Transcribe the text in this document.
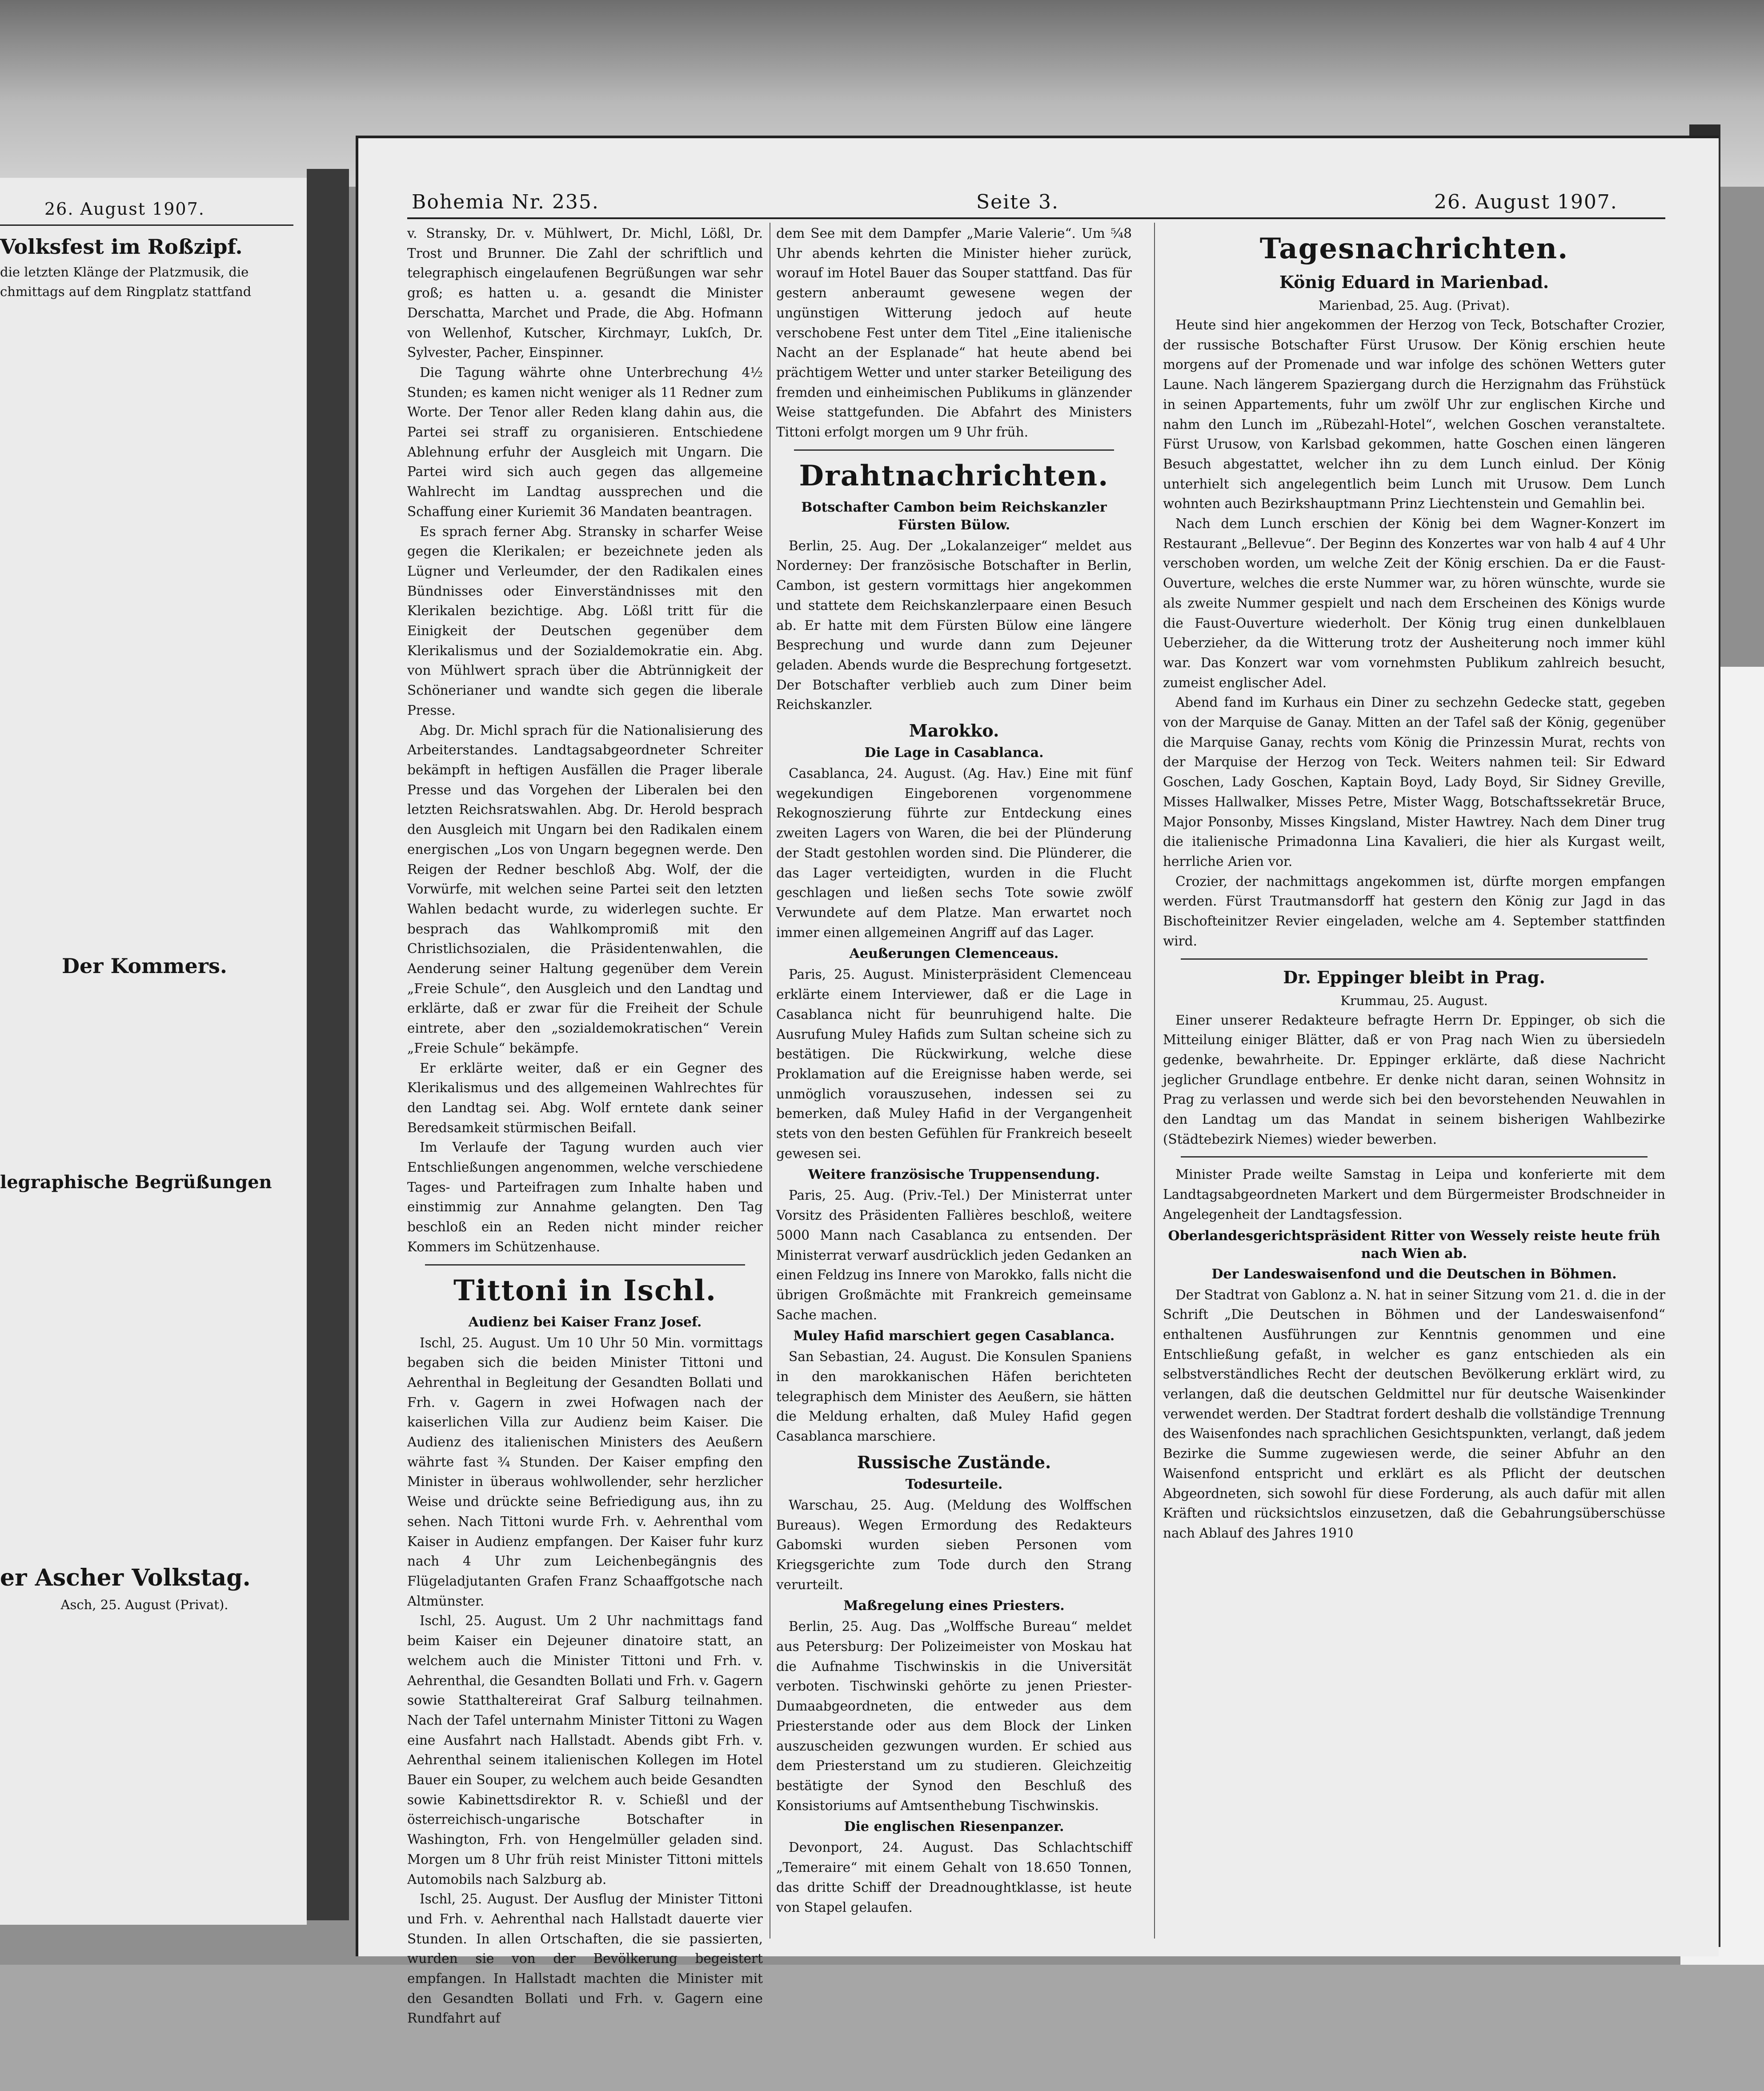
26. August 1907.
Volksfest im Roßzipf.
die letzten Klänge der Platzmusik, die
chmittags auf dem Ringplatz stattfand
Der Kommers.
legraphische Begrüßungen
er Ascher Volkstag.
Asch, 25. August (Privat).
Bohemia Nr. 235.	Seite 3.	26. August 1907.

v. Stransky, Dr. v. Mühlwert, Dr. Michl, Lößl, Dr. Trost und Brunner. Die Zahl der schriftlich und telegraphisch eingelaufenen Begrüßungen war sehr groß; es hatten u. a. gesandt die Minister Derschatta, Marchet und Prade, die Abg. Hofmann von Wellenhof, Kutscher, Kirchmayr, Lukſch, Dr. Sylvester, Pacher, Einspinner.

Die Tagung währte ohne Unterbrechung 4½ Stunden; es kamen nicht weniger als 11 Redner zum Worte. Der Tenor aller Reden klang dahin aus, die Partei sei straff zu organisieren. Entschiedene Ablehnung erfuhr der Ausgleich mit Ungarn. Die Partei wird sich auch gegen das allgemeine Wahlrecht im Landtag aussprechen und die Schaffung einer Kuriemit 36 Mandaten beantragen.

Es sprach ferner Abg. Stransky in scharfer Weise gegen die Klerikalen; er bezeichnete jeden als Lügner und Verleumder, der den Radikalen eines Bündnisses oder Einverständnisses mit den Klerikalen bezichtige. Abg. Lößl tritt für die Einigkeit der Deutschen gegenüber dem Klerikalismus und der Sozialdemokratie ein. Abg. von Mühlwert sprach über die Abtrünnigkeit der Schönerianer und wandte sich gegen die liberale Presse.

Abg. Dr. Michl sprach für die Nationalisierung des Arbeiterstandes. Landtagsabgeordneter Schreiter bekämpft in heftigen Ausfällen die Prager liberale Presse und das Vorgehen der Liberalen bei den letzten Reichsratswahlen. Abg. Dr. Herold besprach den Ausgleich mit Ungarn bei den Radikalen einem energischen „Los von Ungarn begegnen werde. Den Reigen der Redner beschloß Abg. Wolf, der die Vorwürfe, mit welchen seine Partei seit den letzten Wahlen bedacht wurde, zu widerlegen suchte. Er besprach das Wahlkompromiß mit den Christlichsozialen, die Präsidentenwahlen, die Aenderung seiner Haltung gegenüber dem Verein „Freie Schule“, den Ausgleich und den Landtag und erklärte, daß er zwar für die Freiheit der Schule eintrete, aber den „sozialdemokratischen“ Verein „Freie Schule“ bekämpfe.

Er erklärte weiter, daß er ein Gegner des Klerikalismus und des allgemeinen Wahlrechtes für den Landtag sei. Abg. Wolf erntete dank seiner Beredsamkeit stürmischen Beifall.

Im Verlaufe der Tagung wurden auch vier Entschließungen angenommen, welche verschiedene Tages- und Parteifragen zum Inhalte haben und einstimmig zur Annahme gelangten. Den Tag beschloß ein an Reden nicht minder reicher Kommers im Schützenhause.

Tittoni in Ischl.
Audienz bei Kaiser Franz Josef.

Ischl, 25. August. Um 10 Uhr 50 Min. vormittags begaben sich die beiden Minister Tittoni und Aehrenthal in Begleitung der Gesandten Bollati und Frh. v. Gagern in zwei Hofwagen nach der kaiserlichen Villa zur Audienz beim Kaiser. Die Audienz des italienischen Ministers des Aeußern währte fast ¾ Stunden. Der Kaiser empfing den Minister in überaus wohlwollender, sehr herzlicher Weise und drückte seine Befriedigung aus, ihn zu sehen. Nach Tittoni wurde Frh. v. Aehrenthal vom Kaiser in Audienz empfangen. Der Kaiser fuhr kurz nach 4 Uhr zum Leichenbegängnis des Flügeladjutanten Grafen Franz Schaaffgotsche nach Altmünster.

Ischl, 25. August. Um 2 Uhr nachmittags fand beim Kaiser ein Dejeuner dinatoire statt, an welchem auch die Minister Tittoni und Frh. v. Aehrenthal, die Gesandten Bollati und Frh. v. Gagern sowie Statthaltereirat Graf Salburg teilnahmen. Nach der Tafel unternahm Minister Tittoni zu Wagen eine Ausfahrt nach Hallstadt. Abends gibt Frh. v. Aehrenthal seinem italienischen Kollegen im Hotel Bauer ein Souper, zu welchem auch beide Gesandten sowie Kabinettsdirektor R. v. Schießl und der österreichisch-ungarische Botschafter in Washington, Frh. von Hengelmüller geladen sind. Morgen um 8 Uhr früh reist Minister Tittoni mittels Automobils nach Salzburg ab.

Ischl, 25. August. Der Ausflug der Minister Tittoni und Frh. v. Aehrenthal nach Hallstadt dauerte vier Stunden. In allen Ortschaften, die sie passierten, wurden sie von der Bevölkerung begeistert empfangen. In Hallstadt machten die Minister mit den Gesandten Bollati und Frh. v. Gagern eine Rundfahrt auf

dem See mit dem Dampfer „Marie Valerie“. Um ⁵⁄₄8 Uhr abends kehrten die Minister hieher zurück, worauf im Hotel Bauer das Souper stattfand. Das für gestern anberaumt gewesene wegen der ungünstigen Witterung jedoch auf heute verschobene Fest unter dem Titel „Eine italienische Nacht an der Esplanade“ hat heute abend bei prächtigem Wetter und unter starker Beteiligung des fremden und einheimischen Publikums in glänzender Weise stattgefunden. Die Abfahrt des Ministers Tittoni erfolgt morgen um 9 Uhr früh.

Drahtnachrichten.
Botschafter Cambon beim Reichskanzler Fürsten Bülow.

Berlin, 25. Aug. Der „Lokalanzeiger“ meldet aus Norderney: Der französische Botschafter in Berlin, Cambon, ist gestern vormittags hier angekommen und stattete dem Reichskanzlerpaare einen Besuch ab. Er hatte mit dem Fürsten Bülow eine längere Besprechung und wurde dann zum Dejeuner geladen. Abends wurde die Besprechung fortgesetzt. Der Botschafter verblieb auch zum Diner beim Reichskanzler.

Marokko.
Die Lage in Casablanca.

Casablanca, 24. August. (Ag. Hav.) Eine mit fünf wegekundigen Eingeborenen vorgenommene Rekognoszierung führte zur Entdeckung eines zweiten Lagers von Waren, die bei der Plünderung der Stadt gestohlen worden sind. Die Plünderer, die das Lager verteidigten, wurden in die Flucht geschlagen und ließen sechs Tote sowie zwölf Verwundete auf dem Platze. Man erwartet noch immer einen allgemeinen Angriff auf das Lager.

Aeußerungen Clemenceaus.

Paris, 25. August. Ministerpräsident Clemenceau erklärte einem Interviewer, daß er die Lage in Casablanca nicht für beunruhigend halte. Die Ausrufung Muley Hafids zum Sultan scheine sich zu bestätigen. Die Rückwirkung, welche diese Proklamation auf die Ereignisse haben werde, sei unmöglich vorauszusehen, indessen sei zu bemerken, daß Muley Hafid in der Vergangenheit stets von den besten Gefühlen für Frankreich beseelt gewesen sei.

Weitere französische Truppensendung.

Paris, 25. Aug. (Priv.-Tel.) Der Ministerrat unter Vorsitz des Präsidenten Fallières beschloß, weitere 5000 Mann nach Casablanca zu entsenden. Der Ministerrat verwarf ausdrücklich jeden Gedanken an einen Feldzug ins Innere von Marokko, falls nicht die übrigen Großmächte mit Frankreich gemeinsame Sache machen.

Muley Hafid marschiert gegen Casablanca.

San Sebastian, 24. August. Die Konsulen Spaniens in den marokkanischen Häfen berichteten telegraphisch dem Minister des Aeußern, sie hätten die Meldung erhalten, daß Muley Hafid gegen Casablanca marschiere.

Russische Zustände.
Todesurteile.

Warschau, 25. Aug. (Meldung des Wolffschen Bureaus). Wegen Ermordung des Redakteurs Gabomski wurden sieben Personen vom Kriegsgerichte zum Tode durch den Strang verurteilt.

Maßregelung eines Priesters.

Berlin, 25. Aug. Das „Wolffsche Bureau“ meldet aus Petersburg: Der Polizeimeister von Moskau hat die Aufnahme Tischwinskis in die Universität verboten. Tischwinski gehörte zu jenen Priester-Dumaabgeordneten, die entweder aus dem Priesterstande oder aus dem Block der Linken auszuscheiden gezwungen wurden. Er schied aus dem Priesterstand um zu studieren. Gleichzeitig bestätigte der Synod den Beschluß des Konsistoriums auf Amtsenthebung Tischwinskis.

Die englischen Riesenpanzer.

Devonport, 24. August. Das Schlachtschiff „Temeraire“ mit einem Gehalt von 18.650 Tonnen, das dritte Schiff der Dreadnoughtklasse, ist heute von Stapel gelaufen.

Tagesnachrichten.
König Eduard in Marienbad.
Marienbad, 25. Aug. (Privat).

Heute sind hier angekommen der Herzog von Teck, Botschafter Crozier, der russische Botschafter Fürst Urusow. Der König erschien heute morgens auf der Promenade und war infolge des schönen Wetters guter Laune. Nach längerem Spaziergang durch die Herzignahm das Frühstück in seinen Appartements, fuhr um zwölf Uhr zur englischen Kirche und nahm den Lunch im „Rübezahl-Hotel“, welchen Goschen veranstaltete. Fürst Urusow, von Karlsbad gekommen, hatte Goschen einen längeren Besuch abgestattet, welcher ihn zu dem Lunch einlud. Der König unterhielt sich angelegentlich beim Lunch mit Urusow. Dem Lunch wohnten auch Bezirkshauptmann Prinz Liechtenstein und Gemahlin bei.

Nach dem Lunch erschien der König bei dem Wagner-Konzert im Restaurant „Bellevue“. Der Beginn des Konzertes war von halb 4 auf 4 Uhr verschoben worden, um welche Zeit der König erschien. Da er die Faust-Ouverture, welches die erste Nummer war, zu hören wünschte, wurde sie als zweite Nummer gespielt und nach dem Erscheinen des Königs wurde die Faust-Ouverture wiederholt. Der König trug einen dunkelblauen Ueberzieher, da die Witterung trotz der Ausheiterung noch immer kühl war. Das Konzert war vom vornehmsten Publikum zahlreich besucht, zumeist englischer Adel.

Abend fand im Kurhaus ein Diner zu sechzehn Gedecke statt, gegeben von der Marquise de Ganay. Mitten an der Tafel saß der König, gegenüber die Marquise Ganay, rechts vom König die Prinzessin Murat, rechts von der Marquise der Herzog von Teck. Weiters nahmen teil: Sir Edward Goschen, Lady Goschen, Kaptain Boyd, Lady Boyd, Sir Sidney Greville, Misses Hallwalker, Misses Petre, Mister Wagg, Botschaftssekretär Bruce, Major Ponsonby, Misses Kingsland, Mister Hawtrey. Nach dem Diner trug die italienische Primadonna Lina Kavalieri, die hier als Kurgast weilt, herrliche Arien vor.

Crozier, der nachmittags angekommen ist, dürfte morgen empfangen werden. Fürst Trautmansdorff hat gestern den König zur Jagd in das Bischofteinitzer Revier eingeladen, welche am 4. September stattfinden wird.

Dr. Eppinger bleibt in Prag.
Krummau, 25. August.

Einer unserer Redakteure befragte Herrn Dr. Eppinger, ob sich die Mitteilung einiger Blätter, daß er von Prag nach Wien zu übersiedeln gedenke, bewahrheite. Dr. Eppinger erklärte, daß diese Nachricht jeglicher Grundlage entbehre. Er denke nicht daran, seinen Wohnsitz in Prag zu verlassen und werde sich bei den bevorstehenden Neuwahlen in den Landtag um das Mandat in seinem bisherigen Wahlbezirke (Städtebezirk Niemes) wieder bewerben.

Minister Prade weilte Samstag in Leipa und konferierte mit dem Landtagsabgeordneten Markert und dem Bürgermeister Brodschneider in Angelegenheit der Landtagsfession.

Oberlandesgerichtspräsident Ritter von Wessely reiste heute früh nach Wien ab.
Der Landeswaisenfond und die Deutschen in Böhmen.

Der Stadtrat von Gablonz a. N. hat in seiner Sitzung vom 21. d. die in der Schrift „Die Deutschen in Böhmen und der Landeswaisenfond“ enthaltenen Ausführungen zur Kenntnis genommen und eine Entschließung gefaßt, in welcher es ganz entschieden als ein selbstverständliches Recht der deutschen Bevölkerung erklärt wird, zu verlangen, daß die deutschen Geldmittel nur für deutsche Waisenkinder verwendet werden. Der Stadtrat fordert deshalb die vollständige Trennung des Waisenfondes nach sprachlichen Gesichtspunkten, verlangt, daß jedem Bezirke die Summe zugewiesen werde, die seiner Abfuhr an den Waisenfond entspricht und erklärt es als Pflicht der deutschen Abgeordneten, sich sowohl für diese Forderung, als auch dafür mit allen Kräften und rücksichtslos einzusetzen, daß die Gebahrungsüberschüsse nach Ablauf des Jahres 1910
